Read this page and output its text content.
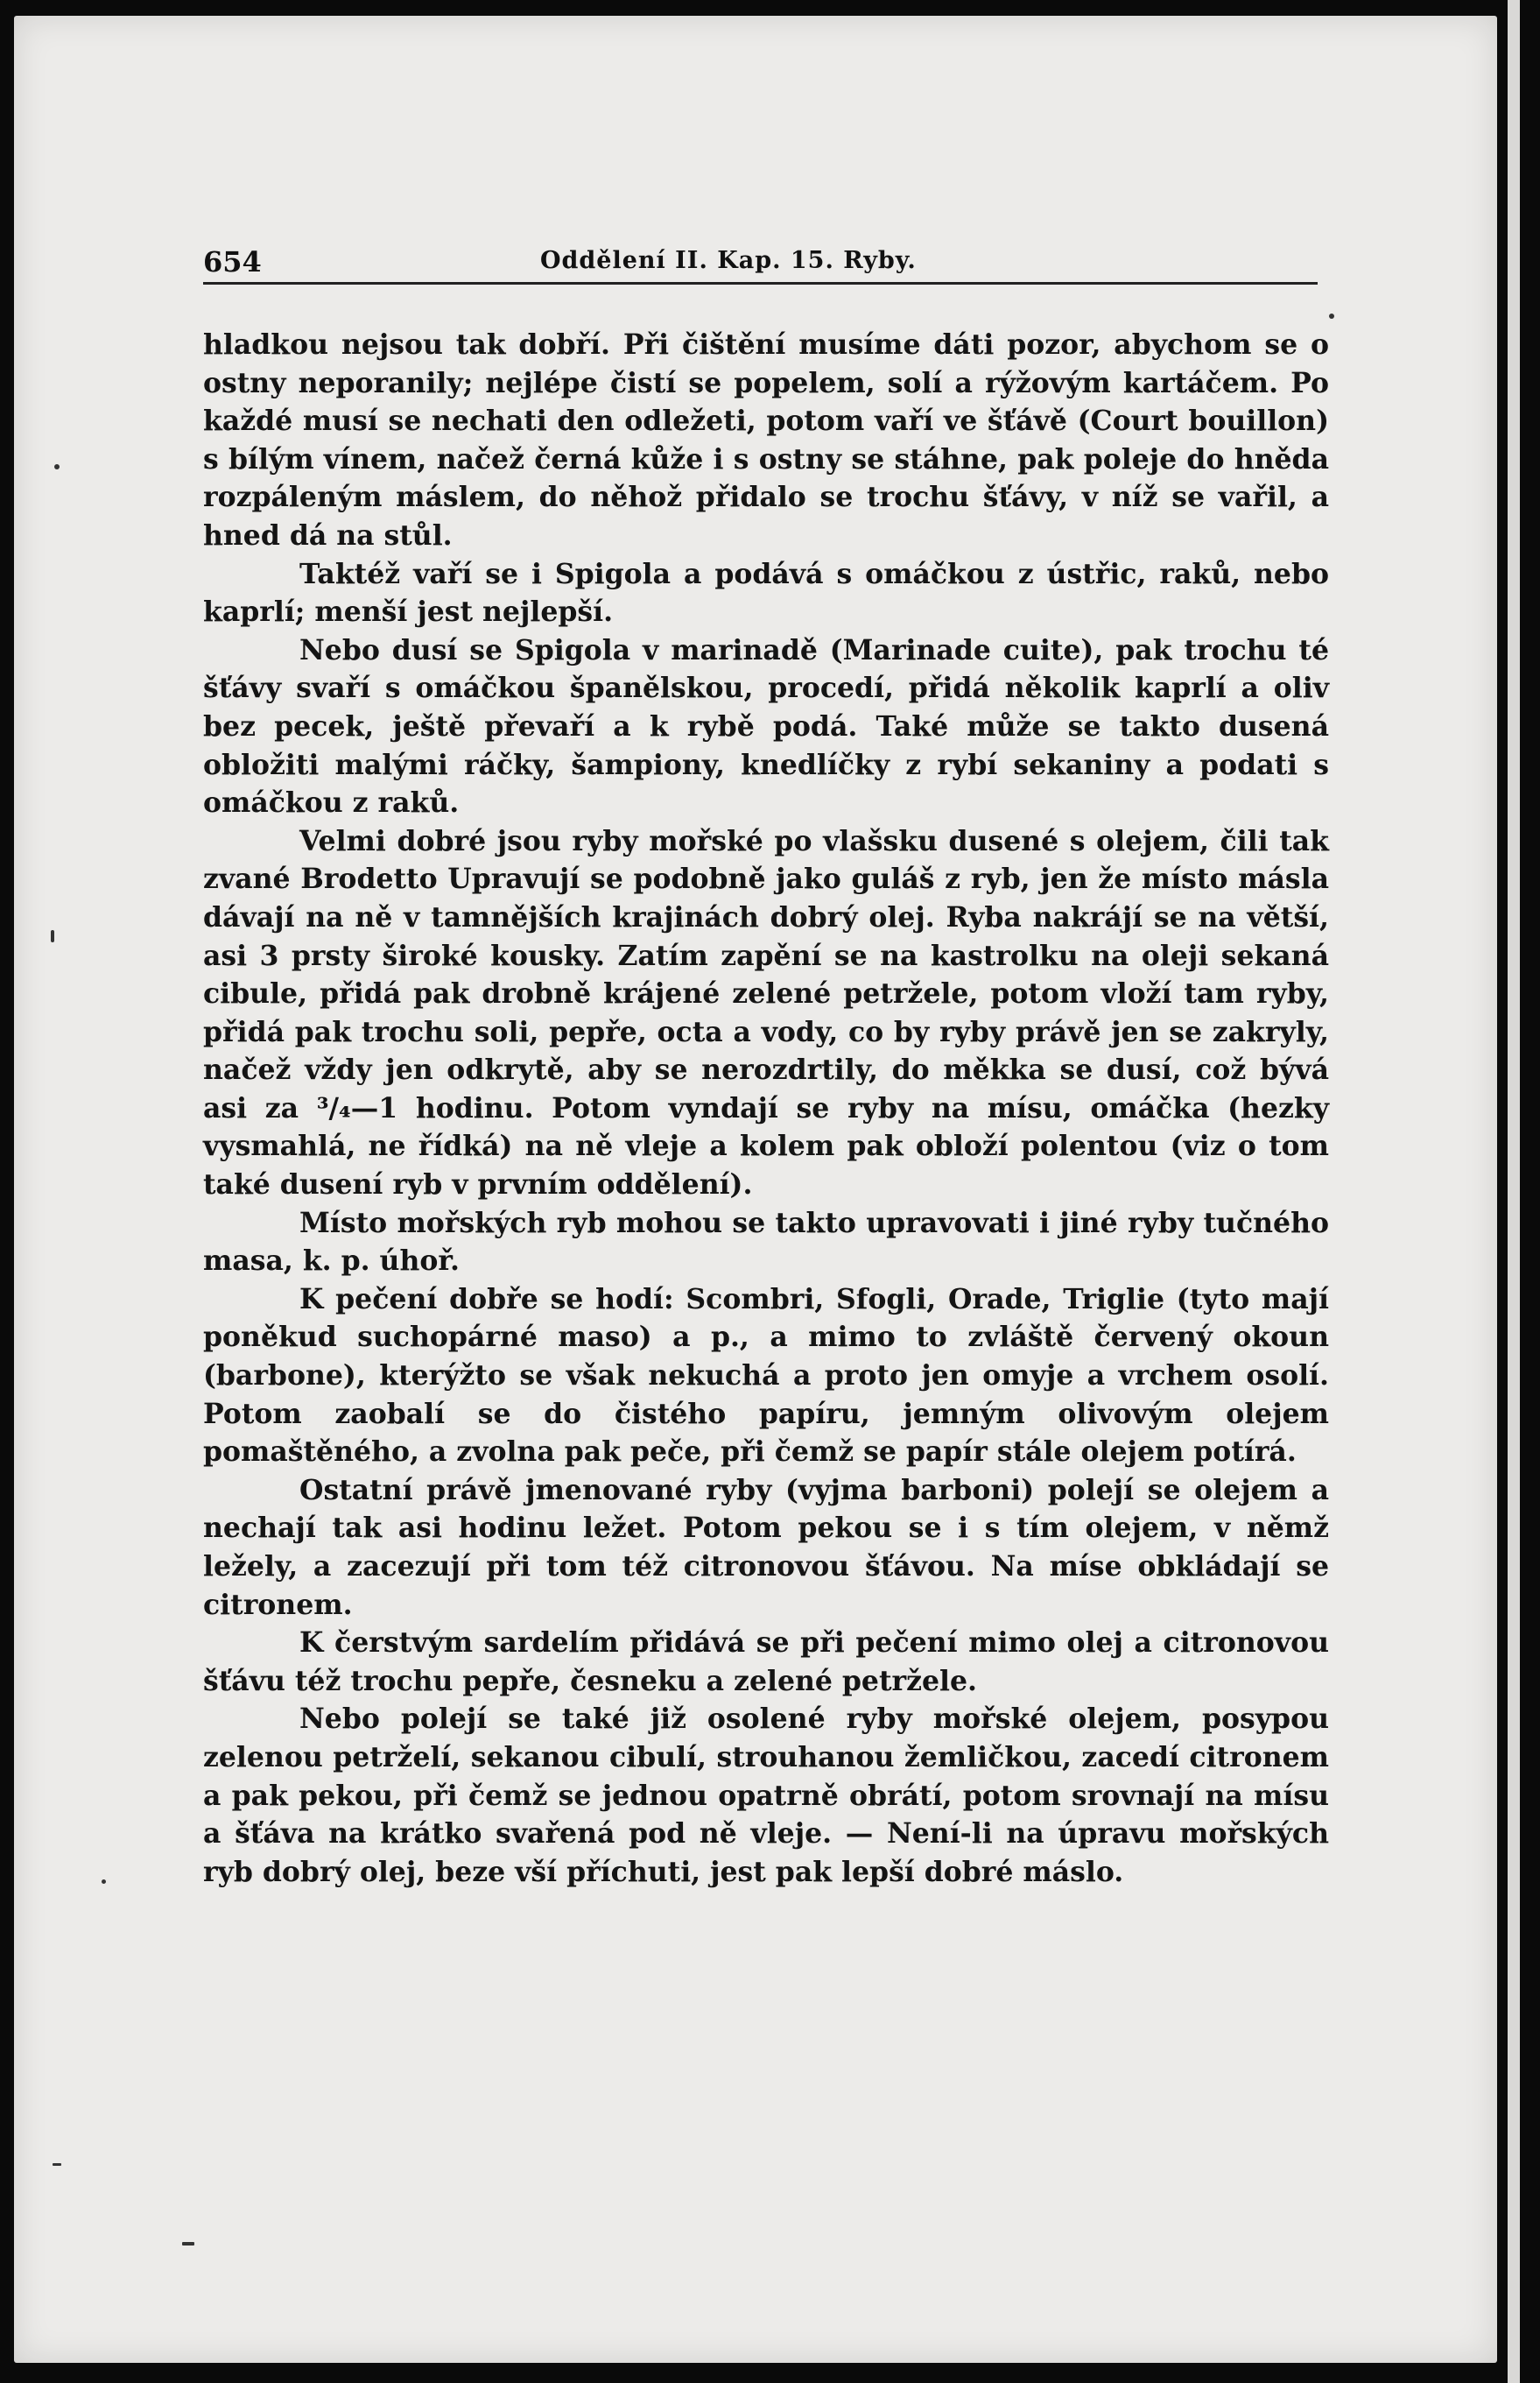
654	Oddělení II. Kap. 15. Ryby.

hladkou nejsou tak dobří. Při čištění musíme dáti pozor, abychom se o ostny neporanily; nejlépe čistí se popelem, solí a rýžovým kartáčem. Po každé musí se nechati den odležeti, potom vaří ve šťávě (Court bouillon) s bílým vínem, načež černá kůže i s ostny se stáhne, pak poleje do hněda rozpáleným máslem, do něhož přidalo se trochu šťávy, v níž se vařil, a hned dá na stůl.

Taktéž vaří se i Spigola a podává s omáčkou z ústřic, raků, nebo kaprlí; menší jest nejlepší.

Nebo dusí se Spigola v marinadě (Marinade cuite), pak trochu té šťávy svaří s omáčkou španělskou, procedí, přidá několik kaprlí a oliv bez pecek, ještě převaří a k rybě podá. Také může se takto dusená obložiti malými ráčky, šampiony, knedlíčky z rybí sekaniny a podati s omáčkou z raků.

Velmi dobré jsou ryby mořské po vlašsku dusené s olejem, čili tak zvané Brodetto Upravují se podobně jako guláš z ryb, jen že místo másla dávají na ně v tamnějších krajinách dobrý olej. Ryba nakrájí se na větší, asi 3 prsty široké kousky. Zatím zapění se na kastrolku na oleji sekaná cibule, přidá pak drobně krájené zelené petržele, potom vloží tam ryby, přidá pak trochu soli, pepře, octa a vody, co by ryby právě jen se zakryly, načež vždy jen odkrytě, aby se nerozdrtily, do měkka se dusí, což bývá asi za ³/₄—1 hodinu. Potom vyndají se ryby na mísu, omáčka (hezky vysmahlá, ne řídká) na ně vleje a kolem pak obloží polentou (viz o tom také dusení ryb v prvním oddělení).

Místo mořských ryb mohou se takto upravovati i jiné ryby tučného masa, k. p. úhoř.

K pečení dobře se hodí: Scombri, Sfogli, Orade, Triglie (tyto mají poněkud suchopárné maso) a p., a mimo to zvláště červený okoun (barbone), kterýžto se však nekuchá a proto jen omyje a vrchem osolí. Potom zaobalí se do čistého papíru, jemným olivovým olejem pomaštěného, a zvolna pak peče, při čemž se papír stále olejem potírá.

Ostatní právě jmenované ryby (vyjma barboni) polejí se olejem a nechají tak asi hodinu ležet. Potom pekou se i s tím olejem, v němž ležely, a zacezují při tom též citronovou šťávou. Na míse obkládají se citronem.

K čerstvým sardelím přidává se při pečení mimo olej a citronovou šťávu též trochu pepře, česneku a zelené petržele.

Nebo polejí se také již osolené ryby mořské olejem, posypou zelenou petrželí, sekanou cibulí, strouhanou žemličkou, zacedí citronem a pak pekou, při čemž se jednou opatrně obrátí, potom srovnají na mísu a šťáva na krátko svařená pod ně vleje. — Není-li na úpravu mořských ryb dobrý olej, beze vší příchuti, jest pak lepší dobré máslo.
